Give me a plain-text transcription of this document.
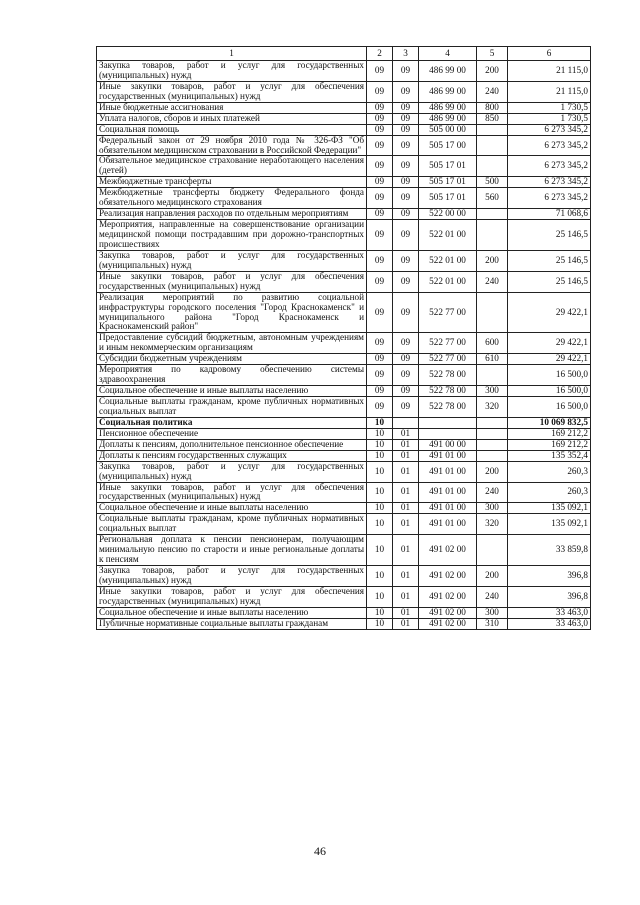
1	2	3	4	5	6
Закупка товаров, работ и услуг для государственных (муниципальных) нужд	09	09	486 99 00	200	21 115,0
Иные закупки товаров, работ и услуг для обеспечения государственных (муниципальных) нужд	09	09	486 99 00	240	21 115,0
Иные бюджетные ассигнования	09	09	486 99 00	800	1 730,5
Уплата налогов, сборов и иных платежей	09	09	486 99 00	850	1 730,5
Социальная помощь	09	09	505 00 00		6 273 345,2
Федеральный закон от 29 ноября 2010 года № 326-ФЗ "Об обязательном медицинском страховании в Российской Федерации"	09	09	505 17 00		6 273 345,2
Обязательное медицинское страхование неработающего населения (детей)	09	09	505 17 01		6 273 345,2
Межбюджетные трансферты	09	09	505 17 01	500	6 273 345,2
Межбюджетные трансферты бюджету Федерального фонда обязательного медицинского страхования	09	09	505 17 01	560	6 273 345,2
Реализация направления расходов по отдельным мероприятиям	09	09	522 00 00		71 068,6
Мероприятия, направленные на совершенствование организации медицинской помощи пострадавшим при дорожно-транспортных происшествиях	09	09	522 01 00		25 146,5
Закупка товаров, работ и услуг для государственных (муниципальных) нужд	09	09	522 01 00	200	25 146,5
Иные закупки товаров, работ и услуг для обеспечения государственных (муниципальных) нужд	09	09	522 01 00	240	25 146,5
Реализация мероприятий по развитию социальной инфраструктуры городского поселения "Город Краснокаменск" и муниципального района "Город Краснокаменск и Краснокаменский район"	09	09	522 77 00		29 422,1
Предоставление субсидий бюджетным, автономным учреждениям и иным некоммерческим организациям	09	09	522 77 00	600	29 422,1
Субсидии бюджетным учреждениям	09	09	522 77 00	610	29 422,1
Мероприятия по кадровому обеспечению системы здравоохранения	09	09	522 78 00		16 500,0
Социальное обеспечение и иные выплаты населению	09	09	522 78 00	300	16 500,0
Социальные выплаты гражданам, кроме публичных нормативных социальных выплат	09	09	522 78 00	320	16 500,0
Социальная политика	10				10 069 832,5
Пенсионное обеспечение	10	01			169 212,2
Доплаты к пенсиям, дополнительное пенсионное обеспечение	10	01	491 00 00		169 212,2
Доплаты к пенсиям государственных служащих	10	01	491 01 00		135 352,4
Закупка товаров, работ и услуг для государственных (муниципальных) нужд	10	01	491 01 00	200	260,3
Иные закупки товаров, работ и услуг для обеспечения государственных (муниципальных) нужд	10	01	491 01 00	240	260,3
Социальное обеспечение и иные выплаты населению	10	01	491 01 00	300	135 092,1
Социальные выплаты гражданам, кроме публичных нормативных социальных выплат	10	01	491 01 00	320	135 092,1
Региональная доплата к пенсии пенсионерам, получающим минимальную пенсию по старости и иные региональные доплаты к пенсиям	10	01	491 02 00		33 859,8
Закупка товаров, работ и услуг для государственных (муниципальных) нужд	10	01	491 02 00	200	396,8
Иные закупки товаров, работ и услуг для обеспечения государственных (муниципальных) нужд	10	01	491 02 00	240	396,8
Социальное обеспечение и иные выплаты населению	10	01	491 02 00	300	33 463,0
Публичные нормативные социальные выплаты гражданам	10	01	491 02 00	310	33 463,0
46
